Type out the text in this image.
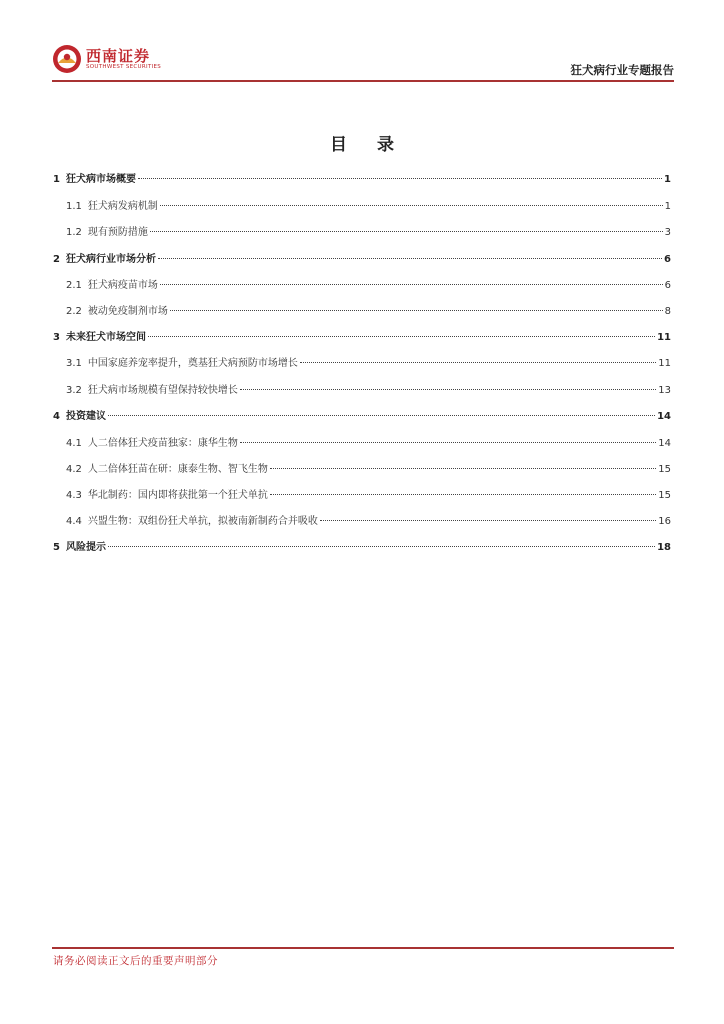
西南证券
SOUTHWEST SECURITIES	狂犬病行业专题报告
目 录
1 狂犬病市场概要	1
1.1 狂犬病发病机制	1
1.2 现有预防措施	3
2 狂犬病行业市场分析	6
2.1 狂犬病疫苗市场	6
2.2 被动免疫制剂市场	8
3 未来狂犬市场空间	11
3.1 中国家庭养宠率提升，奠基狂犬病预防市场增长	11
3.2 狂犬病市场规模有望保持较快增长	13
4 投资建议	14
4.1 人二倍体狂犬疫苗独家：康华生物	14
4.2 人二倍体狂苗在研：康泰生物、智飞生物	15
4.3 华北制药：国内即将获批第一个狂犬单抗	15
4.4 兴盟生物：双组份狂犬单抗，拟被南新制药合并吸收	16
5 风险提示	18
请务必阅读正文后的重要声明部分
